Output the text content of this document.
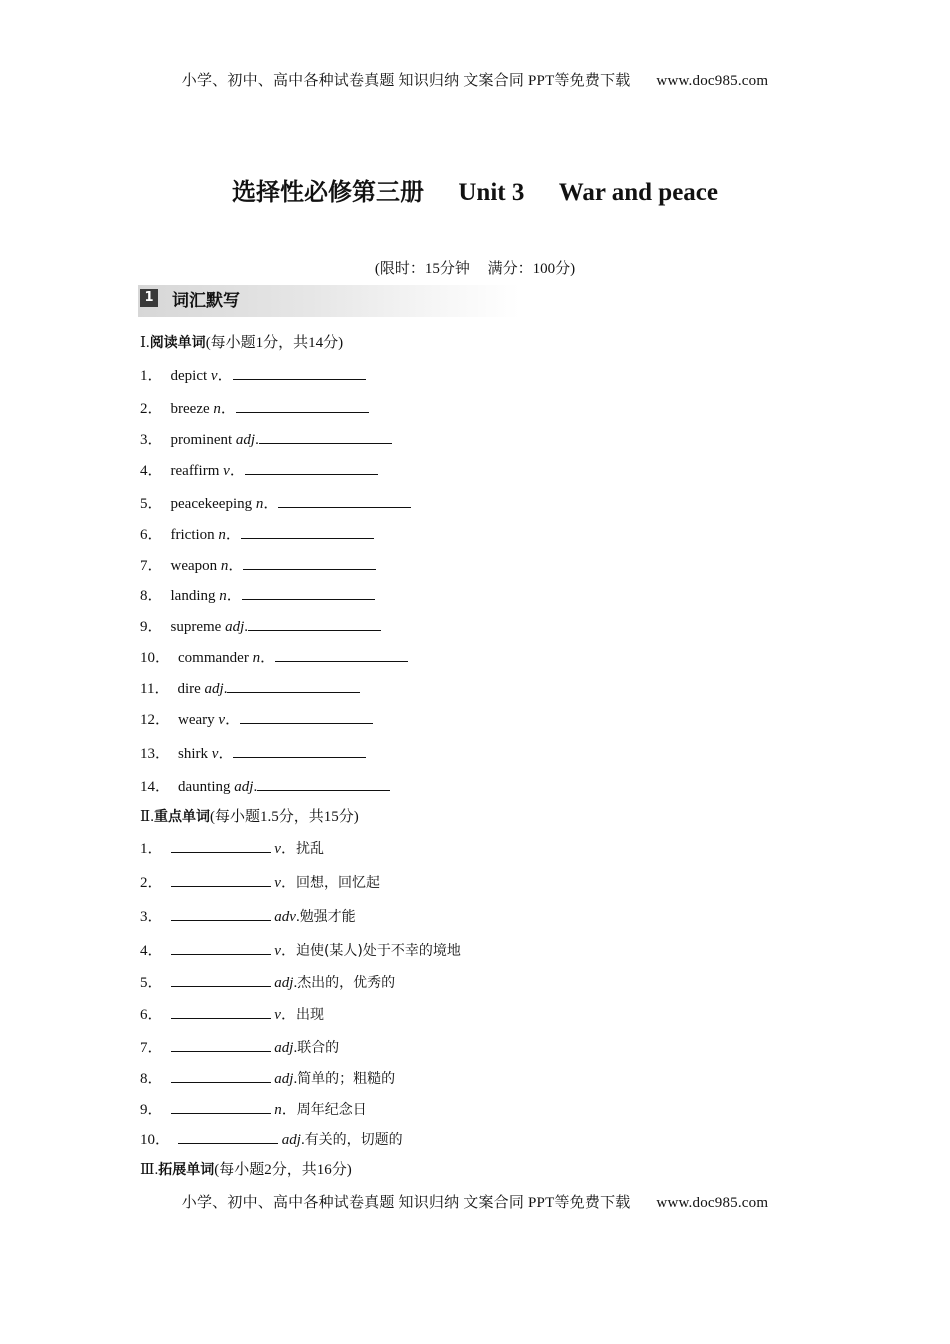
小学、初中、高中各种试卷真题 知识归纳 文案合同 PPT等免费下载 www.doc985.com
选择性必修第三册 Unit 3 War and peace
(限时：15分钟 满分：100分)
1 词汇默写
Ⅰ.阅读单词(每小题1分，共14分)
1． depict v．
2． breeze n．
3． prominent adj.
4． reaffirm v．
5． peacekeeping n．
6． friction n．
7． weapon n．
8． landing n．
9． supreme adj.
10． commander n．
11． dire adj.
12． weary v．
13． shirk v．
14． daunting adj.
Ⅱ.重点单词(每小题1.5分，共15分)
1．	v．扰乱
2．	v．回想，回忆起
3．	adv.勉强才能
4．	v．迫使(某人)处于不幸的境地
5．	adj.杰出的，优秀的
6．	v．出现
7．	adj.联合的
8．	adj.简单的；粗糙的
9．	n．周年纪念日
10．	adj.有关的，切题的
Ⅲ.拓展单词(每小题2分，共16分)
小学、初中、高中各种试卷真题 知识归纳 文案合同 PPT等免费下载 www.doc985.com
